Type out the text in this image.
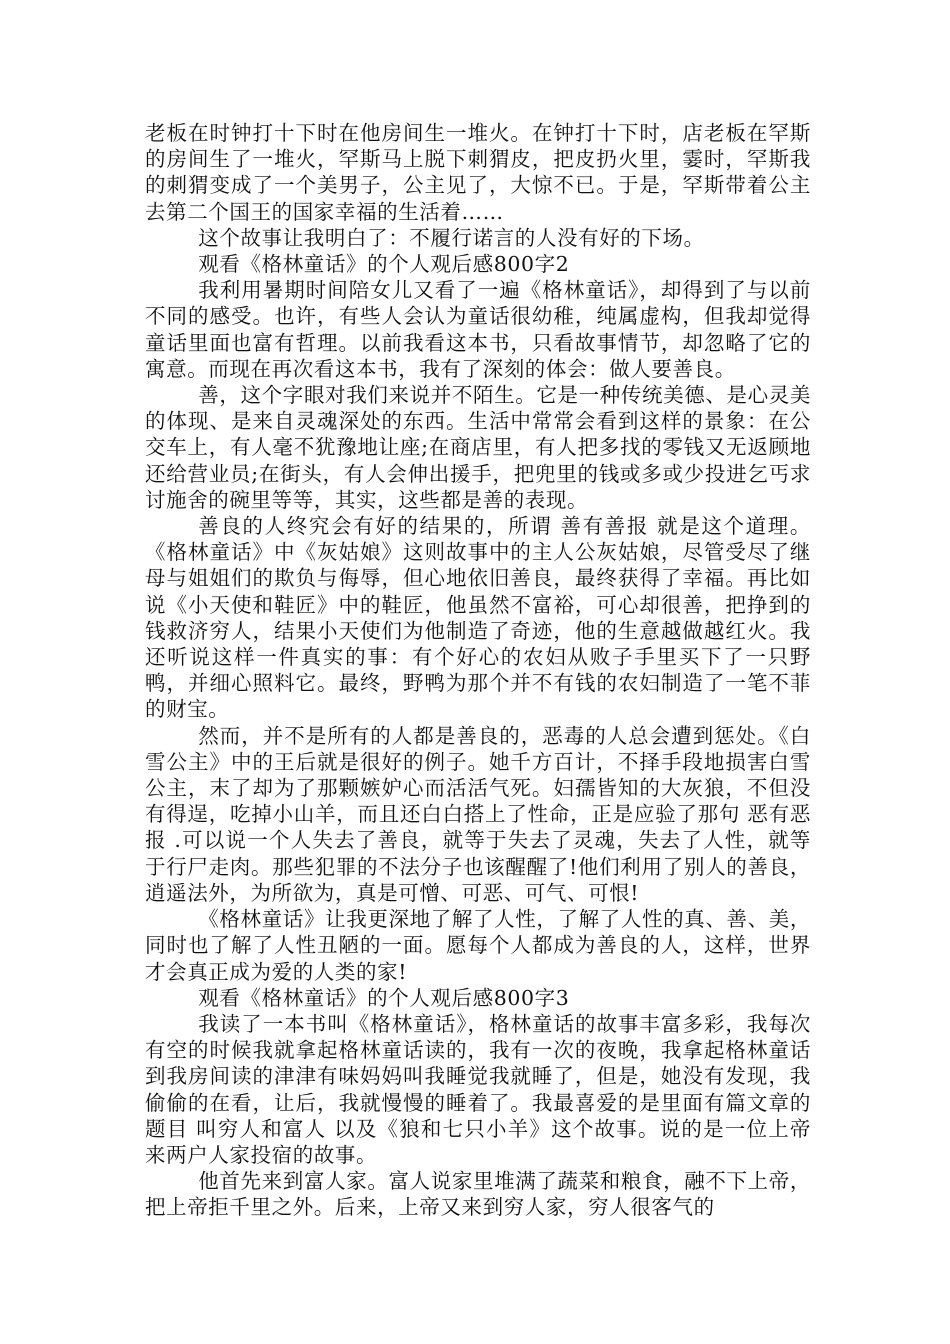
老板在时钟打十下时在他房间生一堆火。在钟打十下时，店老板在罕斯的房间生了一堆火，罕斯马上脱下刺猬皮，把皮扔火里，霎时，罕斯我的刺猬变成了一个美男子，公主见了，大惊不已。于是，罕斯带着公主去第二个国王的国家幸福的生活着……

这个故事让我明白了：不履行诺言的人没有好的下场。

观看《格林童话》的个人观后感800字2

我利用暑期时间陪女儿又看了一遍《格林童话》，却得到了与以前不同的感受。也许，有些人会认为童话很幼稚，纯属虚构，但我却觉得童话里面也富有哲理。以前我看这本书，只看故事情节，却忽略了它的寓意。而现在再次看这本书，我有了深刻的体会：做人要善良。

善，这个字眼对我们来说并不陌生。它是一种传统美德、是心灵美的体现、是来自灵魂深处的东西。生活中常常会看到这样的景象：在公交车上，有人毫不犹豫地让座;在商店里，有人把多找的零钱又无返顾地还给营业员;在街头，有人会伸出援手，把兜里的钱或多或少投进乞丐求讨施舍的碗里等等，其实，这些都是善的表现。

善良的人终究会有好的结果的，所谓 善有善报 就是这个道理。《格林童话》中《灰姑娘》这则故事中的主人公灰姑娘，尽管受尽了继母与姐姐们的欺负与侮辱，但心地依旧善良，最终获得了幸福。再比如说《小天使和鞋匠》中的鞋匠，他虽然不富裕，可心却很善，把挣到的钱救济穷人，结果小天使们为他制造了奇迹，他的生意越做越红火。我还听说这样一件真实的事：有个好心的农妇从败子手里买下了一只野鸭，并细心照料它。最终，野鸭为那个并不有钱的农妇制造了一笔不菲的财宝。

然而，并不是所有的人都是善良的，恶毒的人总会遭到惩处。《白雪公主》中的王后就是很好的例子。她千方百计，不择手段地损害白雪公主，末了却为了那颗嫉妒心而活活气死。妇孺皆知的大灰狼，不但没有得逞，吃掉小山羊，而且还白白搭上了性命，正是应验了那句 恶有恶报 .可以说一个人失去了善良，就等于失去了灵魂，失去了人性，就等于行尸走肉。那些犯罪的不法分子也该醒醒了!他们利用了别人的善良，逍遥法外，为所欲为，真是可憎、可恶、可气、可恨!

《格林童话》让我更深地了解了人性，了解了人性的真、善、美，同时也了解了人性丑陋的一面。愿每个人都成为善良的人，这样，世界才会真正成为爱的人类的家!

观看《格林童话》的个人观后感800字3

我读了一本书叫《格林童话》，格林童话的故事丰富多彩，我每次有空的时候我就拿起格林童话读的，我有一次的夜晚，我拿起格林童话到我房间读的津津有味妈妈叫我睡觉我就睡了，但是，她没有发现，我偷偷的在看，让后，我就慢慢的睡着了。我最喜爱的是里面有篇文章的题目 叫穷人和富人 以及《狼和七只小羊》这个故事。说的是一位上帝来两户人家投宿的故事。

他首先来到富人家。富人说家里堆满了蔬菜和粮食，融不下上帝，把上帝拒千里之外。后来，上帝又来到穷人家，穷人很客气的
